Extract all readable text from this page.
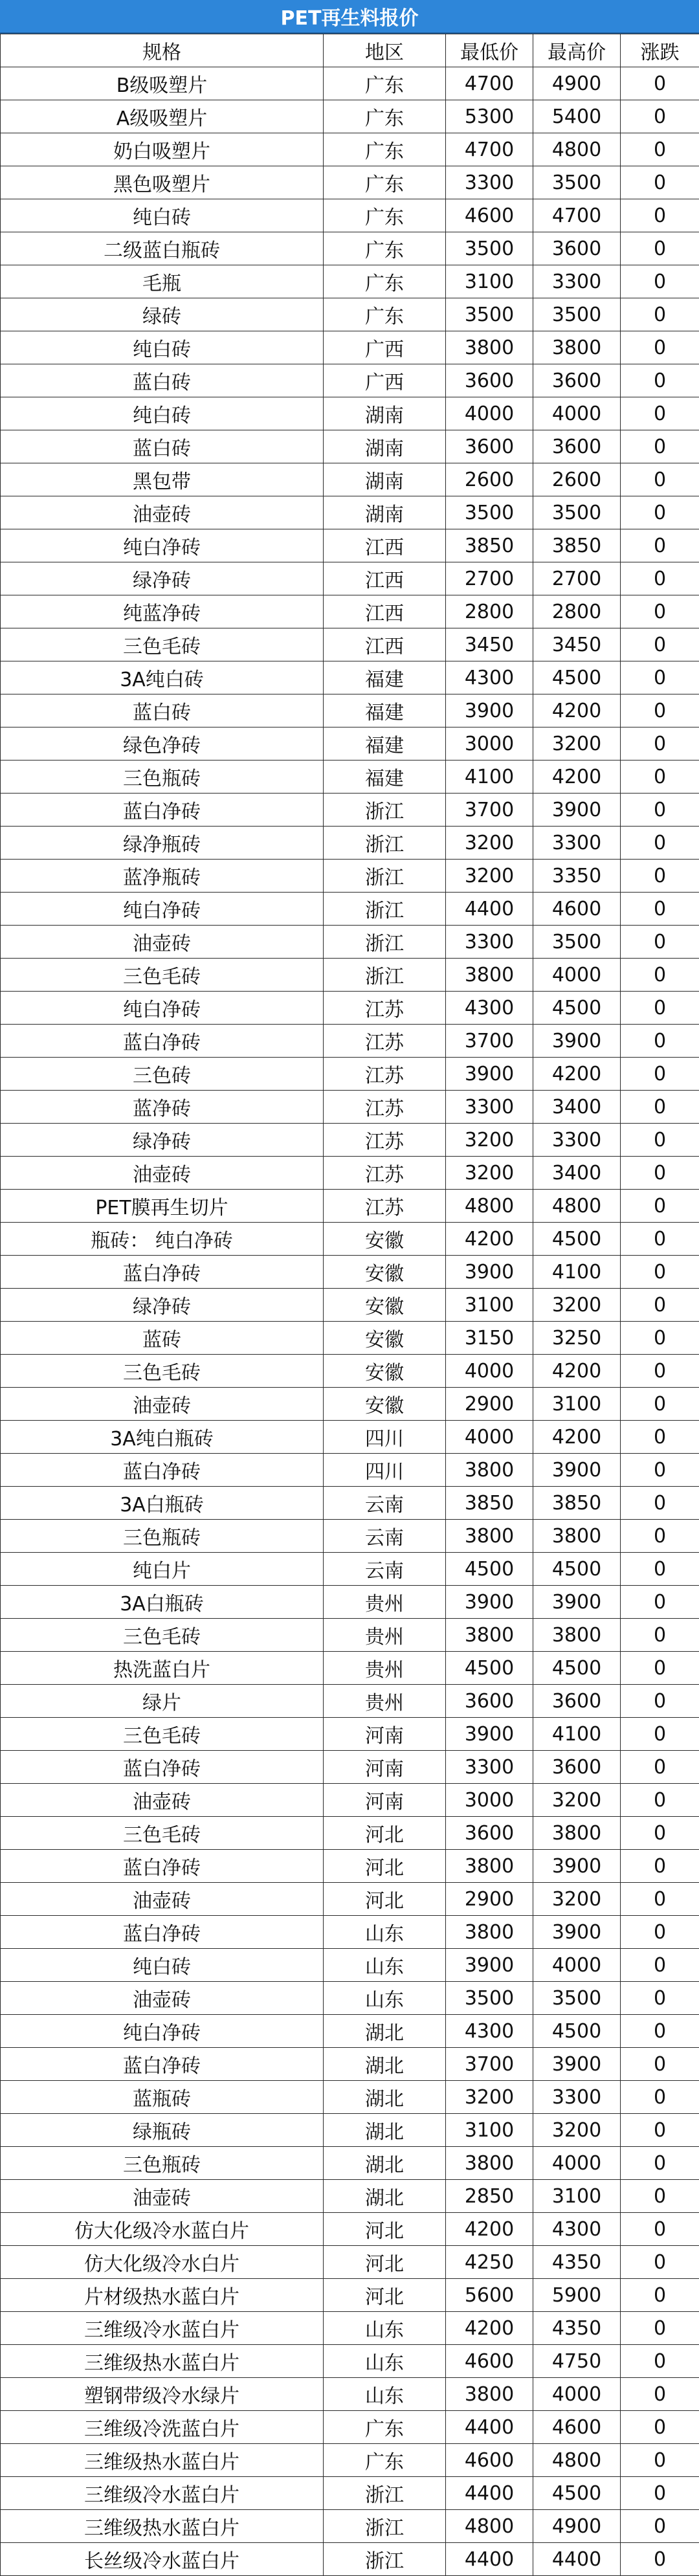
PET再生料报价
规格	地区	最低价	最高价	涨跌
B级吸塑片	广东	4700	4900	0
A级吸塑片	广东	5300	5400	0
奶白吸塑片	广东	4700	4800	0
黑色吸塑片	广东	3300	3500	0
纯白砖	广东	4600	4700	0
二级蓝白瓶砖	广东	3500	3600	0
毛瓶	广东	3100	3300	0
绿砖	广东	3500	3500	0
纯白砖	广西	3800	3800	0
蓝白砖	广西	3600	3600	0
纯白砖	湖南	4000	4000	0
蓝白砖	湖南	3600	3600	0
黑包带	湖南	2600	2600	0
油壶砖	湖南	3500	3500	0
纯白净砖	江西	3850	3850	0
绿净砖	江西	2700	2700	0
纯蓝净砖	江西	2800	2800	0
三色毛砖	江西	3450	3450	0
3A纯白砖	福建	4300	4500	0
蓝白砖	福建	3900	4200	0
绿色净砖	福建	3000	3200	0
三色瓶砖	福建	4100	4200	0
蓝白净砖	浙江	3700	3900	0
绿净瓶砖	浙江	3200	3300	0
蓝净瓶砖	浙江	3200	3350	0
纯白净砖	浙江	4400	4600	0
油壶砖	浙江	3300	3500	0
三色毛砖	浙江	3800	4000	0
纯白净砖	江苏	4300	4500	0
蓝白净砖	江苏	3700	3900	0
三色砖	江苏	3900	4200	0
蓝净砖	江苏	3300	3400	0
绿净砖	江苏	3200	3300	0
油壶砖	江苏	3200	3400	0
PET膜再生切片	江苏	4800	4800	0
瓶砖： 纯白净砖	安徽	4200	4500	0
蓝白净砖	安徽	3900	4100	0
绿净砖	安徽	3100	3200	0
蓝砖	安徽	3150	3250	0
三色毛砖	安徽	4000	4200	0
油壶砖	安徽	2900	3100	0
3A纯白瓶砖	四川	4000	4200	0
蓝白净砖	四川	3800	3900	0
3A白瓶砖	云南	3850	3850	0
三色瓶砖	云南	3800	3800	0
纯白片	云南	4500	4500	0
3A白瓶砖	贵州	3900	3900	0
三色毛砖	贵州	3800	3800	0
热洗蓝白片	贵州	4500	4500	0
绿片	贵州	3600	3600	0
三色毛砖	河南	3900	4100	0
蓝白净砖	河南	3300	3600	0
油壶砖	河南	3000	3200	0
三色毛砖	河北	3600	3800	0
蓝白净砖	河北	3800	3900	0
油壶砖	河北	2900	3200	0
蓝白净砖	山东	3800	3900	0
纯白砖	山东	3900	4000	0
油壶砖	山东	3500	3500	0
纯白净砖	湖北	4300	4500	0
蓝白净砖	湖北	3700	3900	0
蓝瓶砖	湖北	3200	3300	0
绿瓶砖	湖北	3100	3200	0
三色瓶砖	湖北	3800	4000	0
油壶砖	湖北	2850	3100	0
仿大化级冷水蓝白片	河北	4200	4300	0
仿大化级冷水白片	河北	4250	4350	0
片材级热水蓝白片	河北	5600	5900	0
三维级冷水蓝白片	山东	4200	4350	0
三维级热水蓝白片	山东	4600	4750	0
塑钢带级冷水绿片	山东	3800	4000	0
三维级冷洗蓝白片	广东	4400	4600	0
三维级热水蓝白片	广东	4600	4800	0
三维级冷水蓝白片	浙江	4400	4500	0
三维级热水蓝白片	浙江	4800	4900	0
长丝级冷水蓝白片	浙江	4400	4400	0
